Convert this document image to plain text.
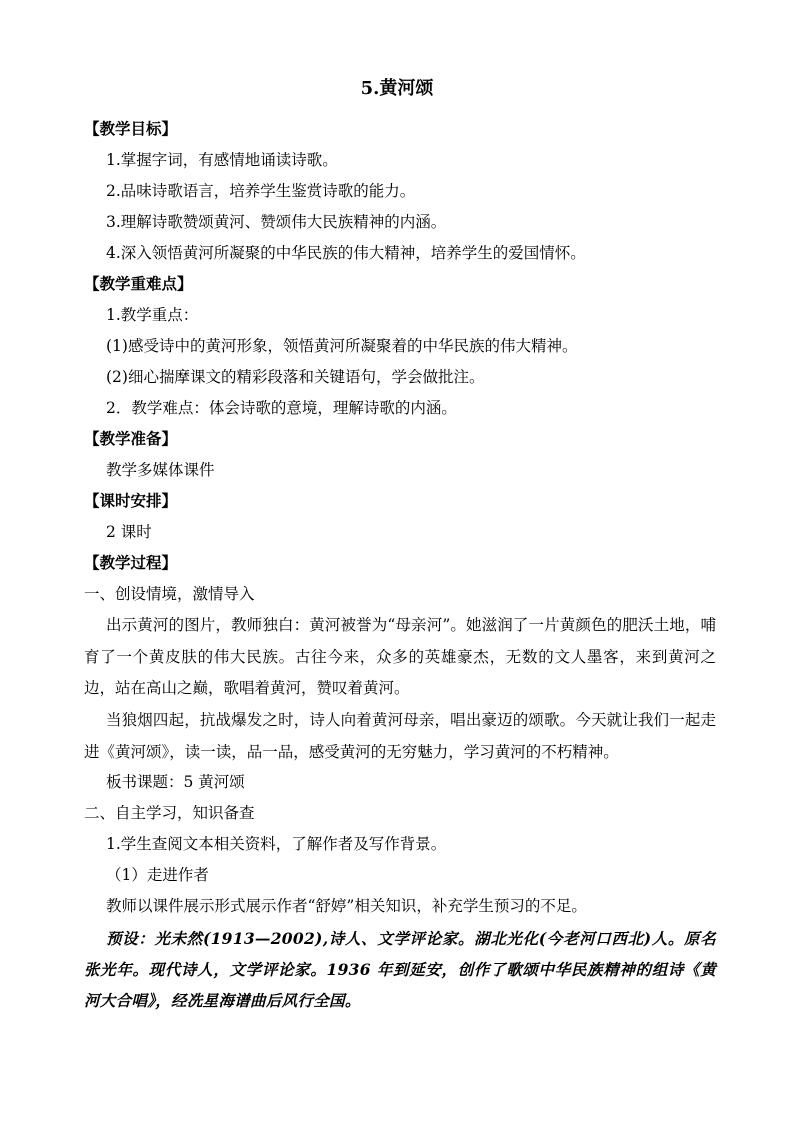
5.黄河颂
【教学目标】
1.掌握字词，有感情地诵读诗歌。
2.品味诗歌语言，培养学生鉴赏诗歌的能力。
3.理解诗歌赞颂黄河、赞颂伟大民族精神的内涵。
4.深入领悟黄河所凝聚的中华民族的伟大精神，培养学生的爱国情怀。
【教学重难点】
1.教学重点：
(1)感受诗中的黄河形象，领悟黄河所凝聚着的中华民族的伟大精神。
(2)细心揣摩课文的精彩段落和关键语句，学会做批注。
2．教学难点：体会诗歌的意境，理解诗歌的内涵。
【教学准备】
教学多媒体课件
【课时安排】
2 课时
【教学过程】
一、创设情境，激情导入
出示黄河的图片，教师独白：黄河被誉为“母亲河”。她滋润了一片黄颜色的肥沃土地，哺育了一个黄皮肤的伟大民族。古往今来，众多的英雄豪杰，无数的文人墨客，来到黄河之边，站在高山之巅，歌唱着黄河，赞叹着黄河。
当狼烟四起，抗战爆发之时，诗人向着黄河母亲，唱出豪迈的颂歌。今天就让我们一起走进《黄河颂》，读一读，品一品，感受黄河的无穷魅力，学习黄河的不朽精神。
板书课题：5 黄河颂
二、自主学习，知识备查
1.学生查阅文本相关资料，了解作者及写作背景。
（1）走进作者
教师以课件展示形式展示作者“舒婷”相关知识，补充学生预习的不足。
预设：光未然(1913—2002),诗人、文学评论家。湖北光化(今老河口西北)人。原名张光年。现代诗人，文学评论家。1936 年到延安，创作了歌颂中华民族精神的组诗《黄河大合唱》，经冼星海谱曲后风行全国。
